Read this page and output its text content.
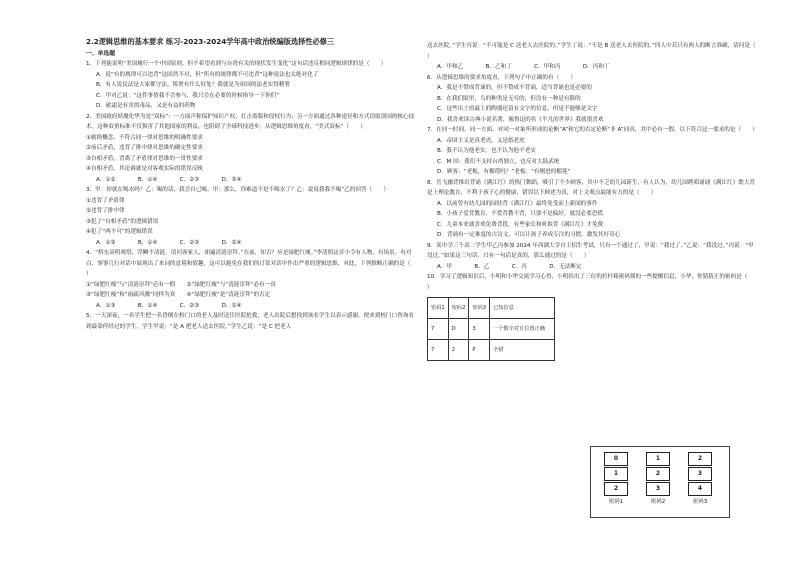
2.2逻辑思维的基本要求 练习-2023-2024学年高中政治统编版选择性必修三
一、单选题
1．下列能说明“美国履行一个中国原则，但不希望看到与台湾有关的现状发生变化”这句话违反相同逻辑规律的是（　　）
A．说“有的规律可以违背”这固然不对，但“所有的规律都不可违背”这种说法也太绝对化了
B．有人说民法是大家都守法，矫奢有什么好处？我就是为祖国的法老实得精奢
C．甲对乙说：“这件事情我不会参与，我只会在必要的时候指导一下你们”
D．砒霜是有害的毒品，又是有益的药物
2．美国政府妖魔化华为是“双标”：一方面声称保护知识产权，打击盗版和侵权行为；另一方面通过各种途径和方式窃取别国的核心技术。这种双重标准不仅损害了其他国家的利益，也阻碍了全球科技进步。从逻辑思维角度看，“美式双标”（　　）
①偷换概念，不符合同一律对思维的明确性要求
②前后矛盾，违背了排中律对思维的确定性要求
③自相矛盾，背离了矛盾律对思维的一贯性要求
④自相矛盾，其论调就是对客观实际的错误反映
A．①②　　　　B．①④　　　　C．②③　　　　D．③④
3．甲：你就在喝水吗？乙：喝的话，我会自已喝。甲：那么，你难道不是不喝水了？乙：说说我我不喝”乙的回答（　　）
①违背了矛盾律
②违背了排中律
③犯了“自相矛盾”的逻辑错误
④犯了“两不可”的逻辑错误
A．①③　　　　B．①④　　　　C．②③　　　　D．②④
4．“桥东高明观塔，浮鳞不清涟。请问客家人，却遍清涟崇拜。”在前，知否？应是绿肥红瘦。”李清照这首小令有人物、有场景、有对白，寥寥几行对话中展现出了来词的意境和情趣，这可以避免在我们的日常对话中作出严重的逻辑思维，对此，下列推断正确的是（　　）
①“绿肥红瘦”与“清涟崇拜”必有一假　　②“绿肥红瘦”与“清涟崇拜”必有一真
③“绿肥红瘦”和“雨疏风骤”同样为真　　④“绿肥红瘦”是“清涟崇拜”的否定
A．①③　　　　B．①④　　　　C．②③　　　　D．②④
5．一天深夜，一名学生把一名昏倒在校门口的老人及时送往医院抢救，老人出院后想找到该名学生以表示感谢，便来到校门口咨询看到最靠停经过的学生，学生甲说：“是 A 把老人送去医院。”学生乙说：“是 C 把老人
送去医院。”学生丙说：“不可能是 C 送老人去医院的。”学生丁说：“不是 B 送老人去医院的。”四人中若只有两人的断言准确，请问是（　　）
A．甲和乙　　　　B．乙和丁　　　　C．甲和丙　　　　D．丙和丁
6．从逻辑思维的要求角度看，下列句子中正确的有（　　）
A．我是不赞成背诵的，但不赞成不背诵，适当背诵也是必要的
B．在我们眼里，鸟的种类是无穷的，但没有一种是有限的
C．这些出土的最上的陶器还留有文字的信息，但是不能够是文字
D．我喜欢读古典小说名著，像鲁迅的名《平凡的世界》我就很喜欢
7．在同一时间，同一方面、对同一对象所形成的论断“A”和它的否定论断“非 A”同真，其中必有一假。以下符合这一要求的是（　　）
A．帝国主义是真老虎，又是纸老虎
B．我不认为他老实，也不认为他不老实
C．M 国：我们不支持台湾独立，也反对大陆武统
D．顾客：“老板，有榴莲吗？”老板：“有刚进的榴莲”
8．岳飞幽背推出背诵《满江红》的热门舞蹈，吸引了不少顾客，其中不乏幼儿园新生，有人认为，幼儿园聘唱诵诵《满江红》歌大背是上理论教育，不利于孩子心的健康，错误以下顾述为真，对上文观点最能有力的是（　　）
A．以前曾有幼儿园的园娃背《满江红》最终免受而上新闻的事件
B．小孩子爱背教育，不爱背教不背，只要不是偏好，就没必要恐慌
C．儿童本来就喜欢免费背段，有些家长和听拟背《满江红》才免费
D．背诵有一定难度的古诗文，可以让孩子养成专注的习惯，激发其好奇心
9．某中学三个高二学生甲乙丙参加 2024 年西湖大学自主招生考试，只有一个通过了，甲说：“我过了。”乙说：“我没过。”丙说：“甲没过。”如果这三句话，只有一句话是真的，那么通过的是（　　）
A．甲　　　　B．乙　　　　C．丙　　　　D．无法断定
10．学习了逻辑知识后，小明和小华交流学习心得，小明给出了三位的拉杆箱密码锁的一些提醒信息，小华，你猜猜正的密码是（　　）
密码1	密码2	密码3	已知信息
7	D	3	一个数字对且位置正确
7	2	P	全错
0
1
2
密码1
1
2
3
密码2
2
3
4
密码3
